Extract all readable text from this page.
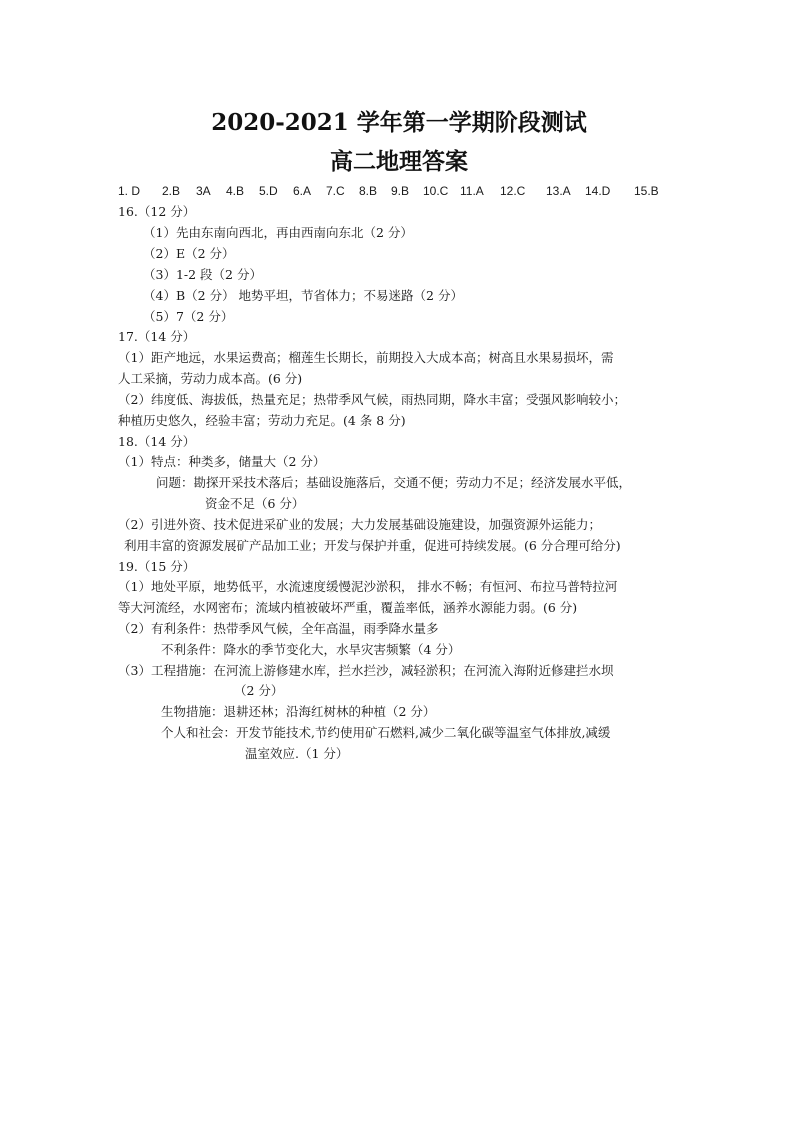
2020-2021 学年第一学期阶段测试
高二地理答案
1. D 2.B 3A 4.B 5.D 6.A 7.C 8.B 9.B 10.C 11.A 12.C 13.A 14.D 15.B
16.（12 分）
（1）先由东南向西北，再由西南向东北（2 分）
（2）E（2 分）
（3）1-2 段（2 分）
（4）B（2 分） 地势平坦，节省体力；不易迷路（2 分）
（5）7（2 分）
17.（14 分）
（1）距产地远，水果运费高；榴莲生长期长，前期投入大成本高；树高且水果易损坏，需
人工采摘，劳动力成本高。(6 分)
（2）纬度低、海拔低，热量充足；热带季风气候，雨热同期，降水丰富；受强风影响较小；
种植历史悠久，经验丰富；劳动力充足。(4 条 8 分)
18.（14 分）
（1）特点：种类多，储量大（2 分）
问题：勘探开采技术落后；基础设施落后，交通不便；劳动力不足；经济发展水平低，
资金不足（6 分）
（2）引进外资、技术促进采矿业的发展；大力发展基础设施建设，加强资源外运能力；
利用丰富的资源发展矿产品加工业；开发与保护并重，促进可持续发展。(6 分合理可给分)
19.（15 分）
（1）地处平原，地势低平，水流速度缓慢泥沙淤积， 排水不畅；有恒河、布拉马普特拉河
等大河流经，水网密布；流域内植被破坏严重，覆盖率低，涵养水源能力弱。(6 分)
（2）有利条件：热带季风气候，全年高温，雨季降水量多
不利条件：降水的季节变化大，水旱灾害频繁（4 分）
（3）工程措施：在河流上游修建水库，拦水拦沙，减轻淤积；在河流入海附近修建拦水坝
（2 分）
生物措施：退耕还林；沿海红树林的种植（2 分）
个人和社会：开发节能技术,节约使用矿石燃料,减少二氧化碳等温室气体排放,减缓
温室效应.（1 分）
